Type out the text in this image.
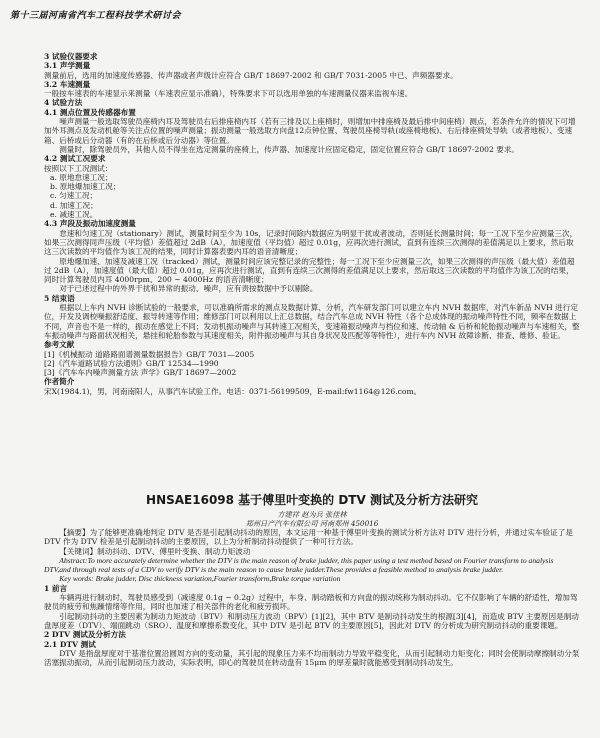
第十三届河南省汽车工程科技学术研讨会
3 试验仪器要求
3.1 声学测量

测量前后，选用的加速度传感器、传声器或者声级计应符合 GB/T 18697-2002 和 GB/T 7031-2005 中已、声频器要求。

3.2 车速测量

一般按车速表的车速显示来测量（车速表应显示准确），特殊要求下可以选用单独的车速测量仪器来监视车速。

4 试验方法
4.1 测点位置及传感器布置

噪声测量一般选取驾驶员座椅内耳及驾驶员右后排座椅内耳（若有三排及以上座椅时，则增加中排座椅及最后排中间座椅）测点，若条件允许的情况下可增加外耳测点及发动机舱等关注点位置的噪声测量；振动测量一般选取方向盘12点钟位置、驾驶员座椅导轨(或座椅地板)、右后排座椅处导轨（或者地板）、变速箱、后桥或后分动器（有的在后桥或后分动器）等位置。

测量时，除驾驶员外，其他人员不得坐在选定测量的座椅上，传声器、加速度计应固定稳定，固定位置应符合 GB/T 18697-2002 要求。

4.2 测试工况要求

按照以下工况测试：

a. 原地怠速工况；

b. 原地爆加速工况；

c. 匀速工况；

d. 加速工况；

e. 减速工况。

4.3 声段及振动加速度测量

怠速和匀速工况（stationary）测试，测量时间至少为 10s，记录时间除内数据应为明显干扰或者波动，否则延长测量时间；每一工况下至少应测量三次，如果三次测得同声压级（平均值）差值超过 2dB（A），加速度值（平均值）超过 0.01g，应再次进行测试，直到有连续三次测得的差值满足以上要求，然后取这三次读数的平均值作为该工况的结果，同时计算器表要内耳的语音清晰度；

原地爆加速、加速及减速工况（tracked）测试，测量时间应该完整记录的完整性；每一工况下至少应测量三次，如果三次测得的声压级（最大值）差值超过 2dB（A），加速度值（最大值）超过 0.01g，应再次进行测试，直到有连续三次测得的差值满足以上要求，然后取这三次读数的平均值作为该工况的结果，同时计算驾驶员内耳 4000rpm、200 ~ 4000Hz 的语音清晰度；

对于已述过程中的外界干扰和异常的振动、噪声，应有责按数据中予以剔除。

5 结束语

根据以上车内 NVH 诊断试验的一般要求，可以准确所需求的测点及数据计算、分析，汽车研发部门可以建立车内 NVH 数据库，对汽车新品 NVH 进行定位，开发及调校噪振舒适度、振导转速等作用；维修部门可以利用以上汇总数据，结合汽车总成 NVH 特性（各个总成体现的振动噪声特性不同，频率在数据上不同，声音也不是一样的，振动在感觉上不同；发动机振动噪声与其转速工况相关，变速箱振动噪声与档位和速、传动轴 & 后桥和轮胎振动噪声与车速相关，整车振动噪声与路面状况相关，悬挂和轮胎参数与其速度相关，附件振动噪声与其自身状况及匹配等等特性），进行车内 NVH 故障诊断、排查、维修、验证。

参考文献

[1]《机械振动 道路路面谱测量数据报告》GB/T 7031—2005

[2]《汽车道路试验方法通则》GB/T 12534—1990

[3]《汽车车内噪声测量方法 声学》GB/T 18697—2002

作者简介

宋X(1984.1)，男，河南南阳人，从事汽车试验工作。电话：0371-56199509，E-mail:fw1164@126.com。

HNSAE16098 基于傅里叶变换的 DTV 测试及分析方法研究
方建祥 赵为兵 张佳林
郑州日产汽车有限公司 河南郑州 450016

【摘要】为了能够更准确地判定 DTV 是否是引起制动抖动的原因，本文运用一种基于傅里叶变换的测试分析方法对 DTV 进行分析，并通过实车验证了是 DTV 作为 DTV 检差是引起制动抖动的主要原因，以上为分析制动抖动提供了一种可行方法。

【关键词】制动抖动、DTV、傅里叶变换、制动力矩波动

Abstract:To more accurately determine whether the DTV is the main reason of brake judder, this paper using a test method based on Fourier transform to analysis DTV,and through real tests of a CDV to verify DTV is the main reason to cause brake judder.These provides a feasible method to analysis brake judder.

Key words: Brake judder, Disc thickness variation,Fourier transform,Brake torque variation

1 前言

车辆再进行制动时，驾驶员感受到（减速度 0.1g ~ 0.2g）过程中，车身、制动踏板和方向盘的振动统称为制动抖动。它不仅影响了车辆的舒适性，增加驾驶员的疲劳和焦躁情绪等作用，同时也加速了相关部件的老化和疲劳损坏。

引起制动抖动的主要因素为制动力矩波动（BTV）和制动压力波动（BPV）[1][2]，其中 BTV 是制动抖动发生的根源[3][4]，而造成 BTV 主要原因是制动盘厚度差（DTV）、端面跳动（SRO）、温度和摩擦系数变化，其中 DTV 是引起 BTV 的主要原因[5]，因此对 DTV 的分析成为研究制动抖动的重要课题。

2 DTV 测试及分析方法
2.1 DTV 测试

DTV 是指盘厚度对于基准位置沿圆周方向的变动量，其引起的现象压力来不均而制动力导致平稳变化，从而引起制动力矩变化；同时会使制动摩擦制动分泵活塞振动振动，从而引起制动压力波动，实际表明，即心的驾驶员在转动盘有 15μm 的厚差量时就能感受到制动抖动发生。
